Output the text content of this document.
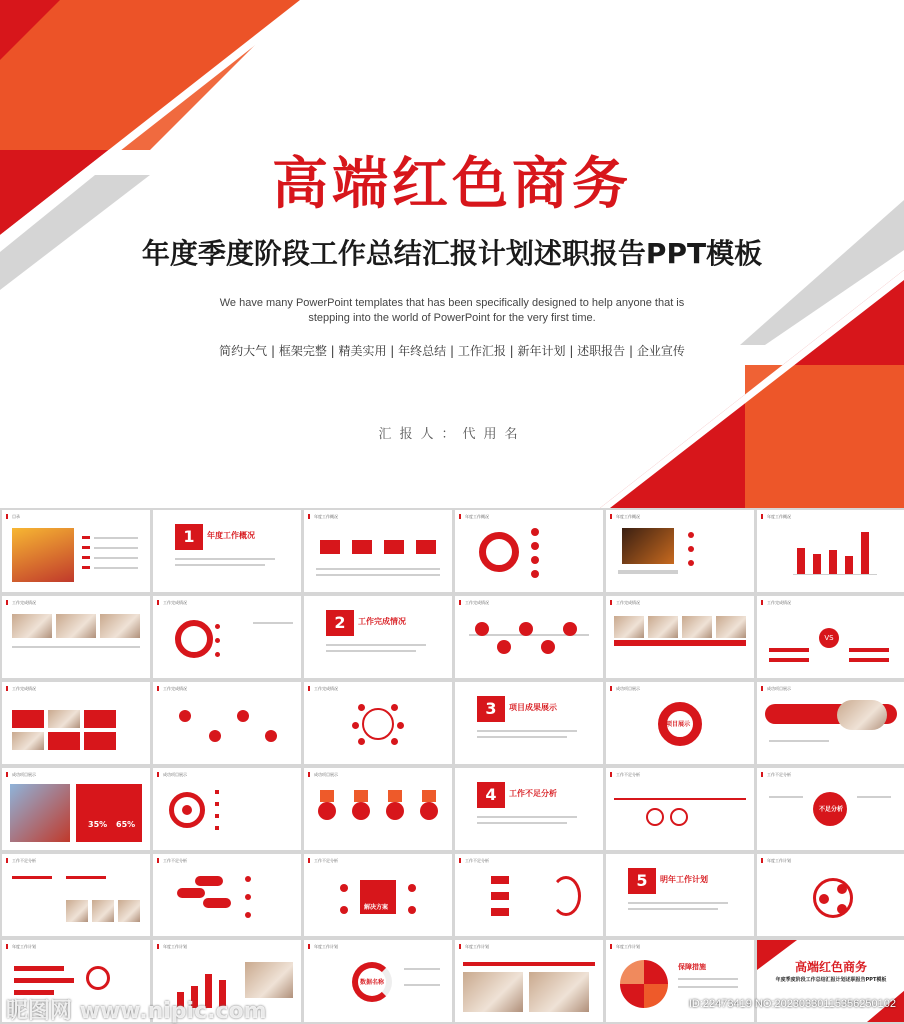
高端红色商务
年度季度阶段工作总结汇报计划述职报告PPT模板
We have many PowerPoint templates that has been specifically designed to help anyone that is stepping into the world of PowerPoint for the very first time.
简约大气 | 框架完整 | 精美实用 | 年终总结 | 工作汇报 | 新年计划 | 述职报告 | 企业宣传
汇报人：代用名
目录
1	年度工作概况
年度工作概况	年度工作概况	年度工作概况	年度工作概况
工作完成情况	工作完成情况
2	工作完成情况
工作完成情况	工作完成情况	工作完成情况
VS
工作完成情况	工作完成情况	工作完成情况
3	项目成果展示
成功项目展示
项目展示
成功项目展示
成功项目展示
35% 65%
成功项目展示	成功项目展示
4	工作不足分析
工作不足分析	工作不足分析
不足分析
工作不足分析	工作不足分析	工作不足分析
解决方案
工作不足分析
5	明年工作计划
年度工作计划
年度工作计划	年度工作计划	年度工作计划
数据名称
年度工作计划	年度工作计划
保障措施	高端红色商务
年度季度阶段工作总结汇报计划述职报告PPT模板
昵图网 www.nipic.com	ID:22473419 NO:20230330115356250102
